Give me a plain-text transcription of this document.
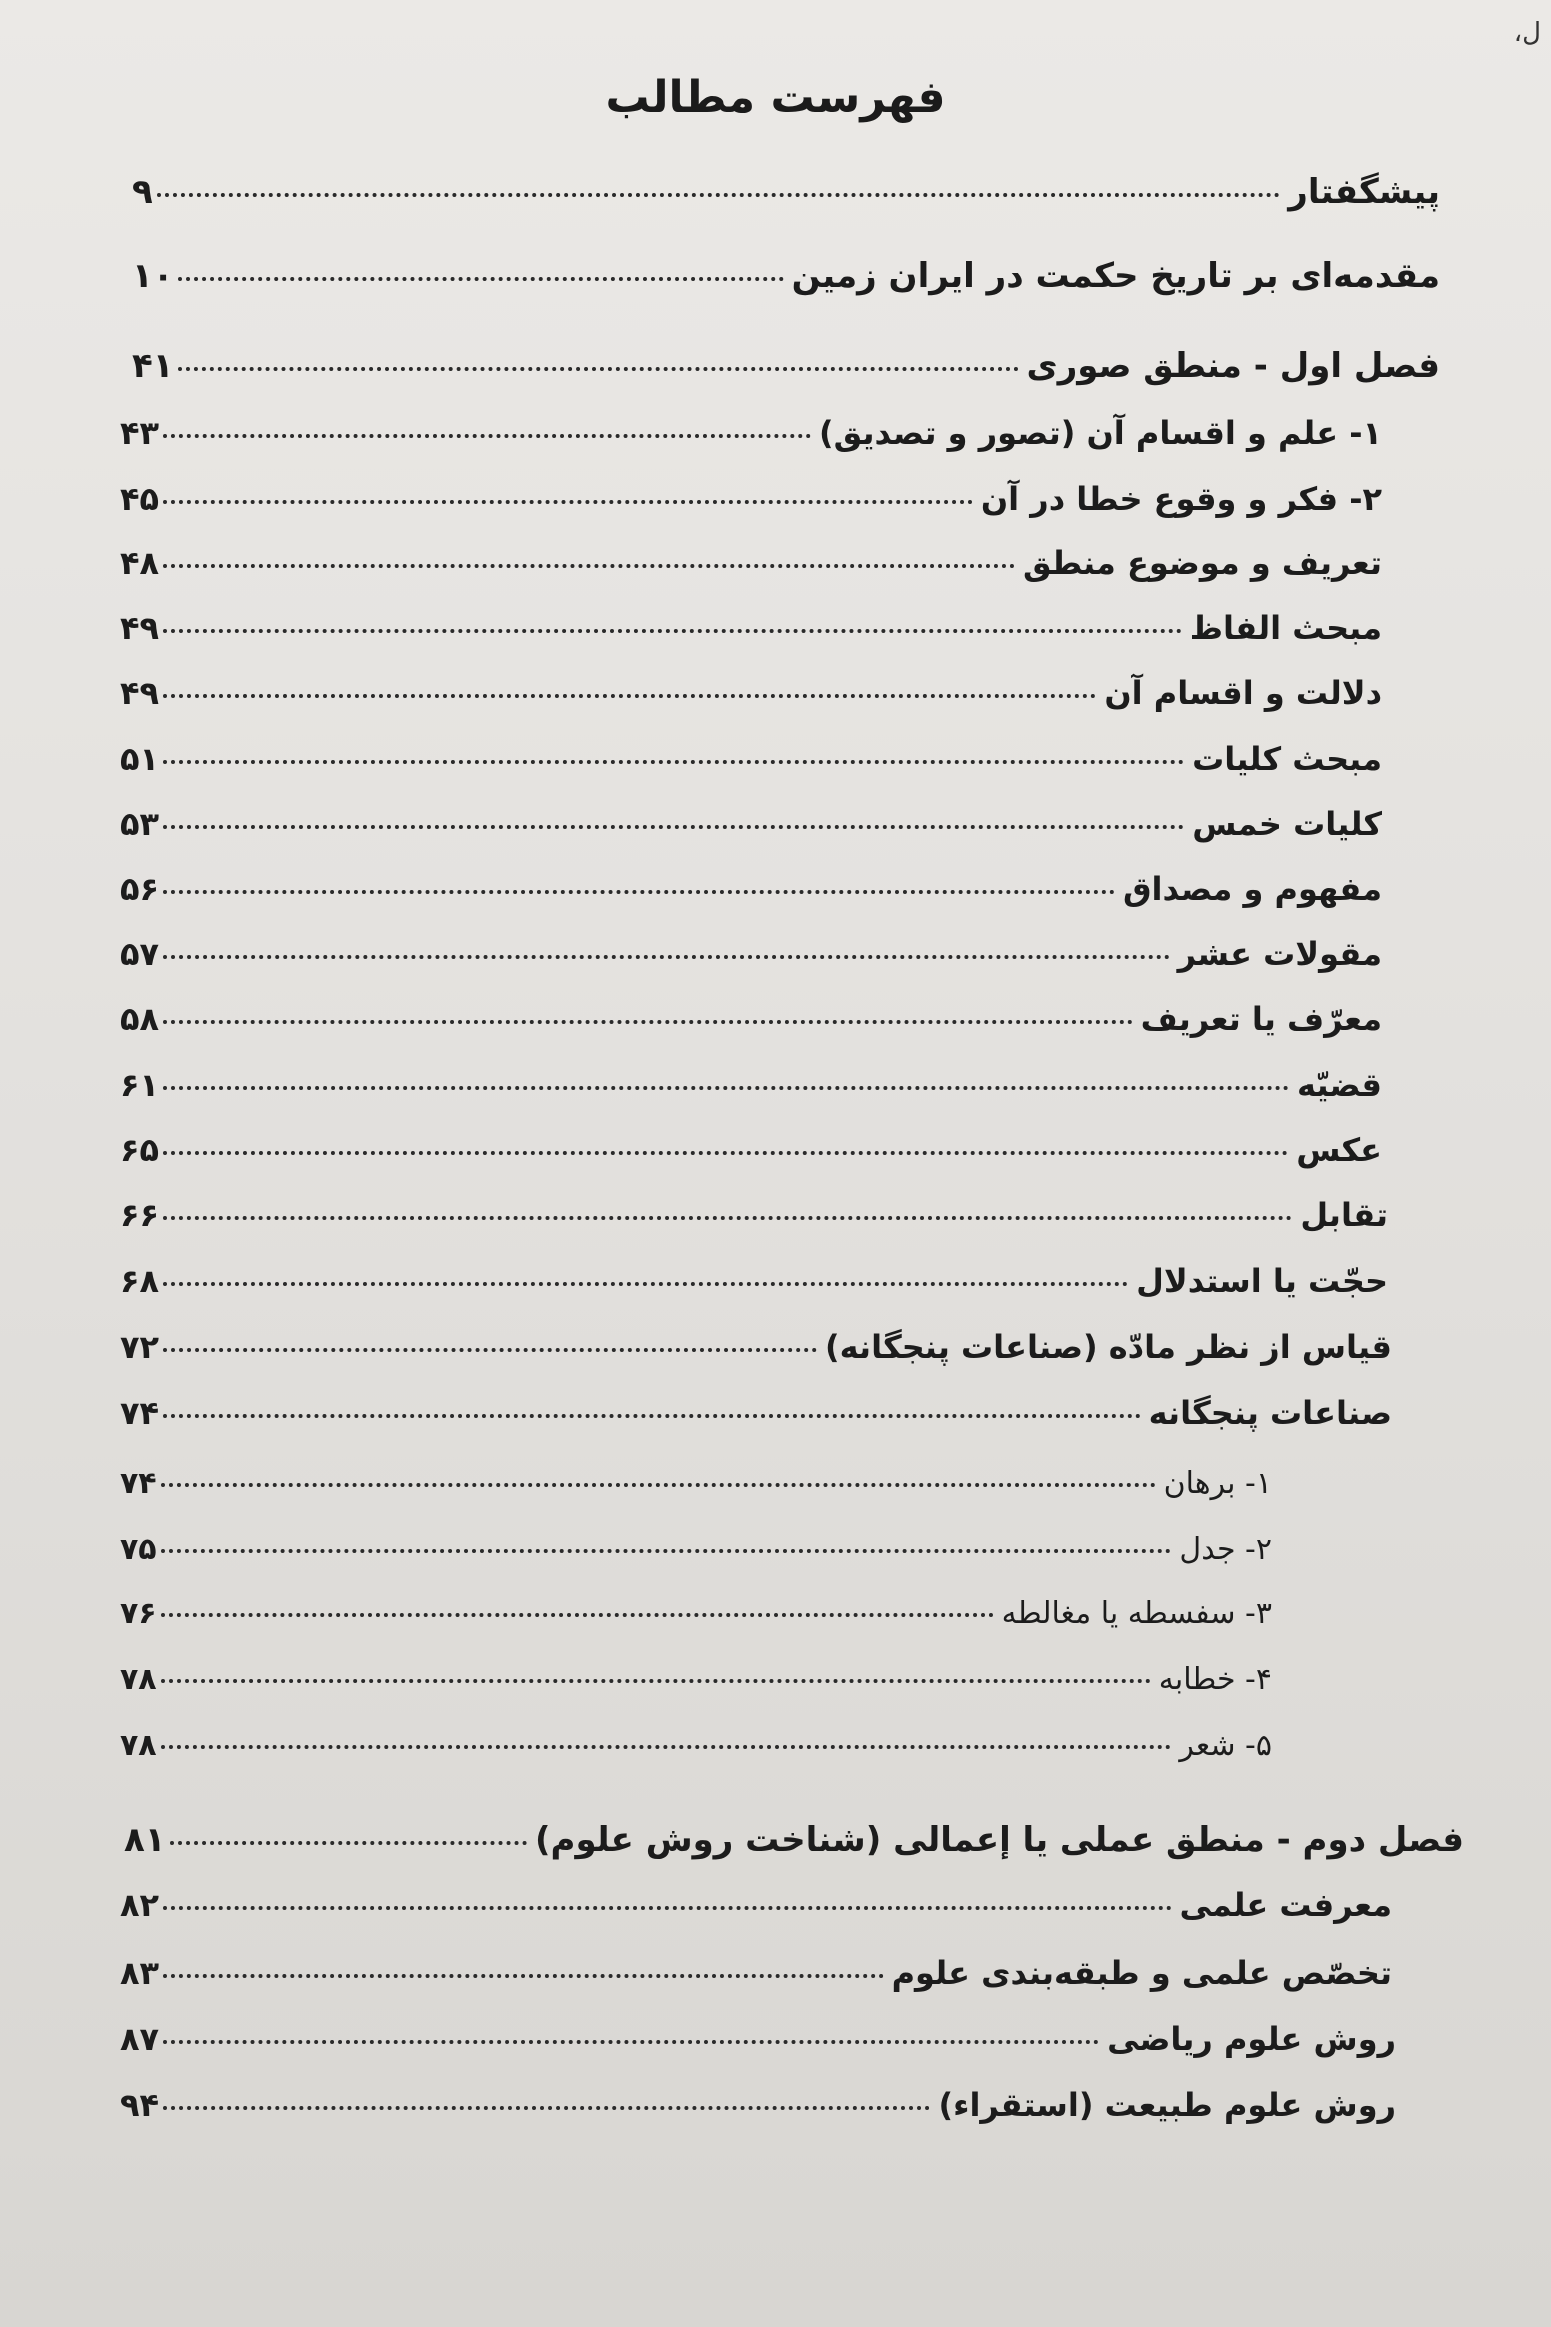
ل،
فهرست مطالب
پیشگفتار
۹
مقدمه‌ای بر تاریخ حکمت در ایران زمین
۱۰
فصل اول - منطق صوری
۴۱
۱- علم و اقسام آن (تصور و تصدیق)
۴۳
۲- فکر و وقوع خطا در آن
۴۵
تعریف و موضوع منطق
۴۸
مبحث الفاظ
۴۹
دلالت و اقسام آن
۴۹
مبحث کلیات
۵۱
کلیات خمس
۵۳
مفهوم و مصداق
۵۶
مقولات عشر
۵۷
معرّف یا تعریف
۵۸
قضیّه
۶۱
عکس
۶۵
تقابل
۶۶
حجّت یا استدلال
۶۸
قیاس از نظر مادّه (صناعات پنجگانه)
۷۲
صناعات پنجگانه
۷۴
۱- برهان
۷۴
۲- جدل
۷۵
۳- سفسطه یا مغالطه
۷۶
۴- خطابه
۷۸
۵- شعر
۷۸
فصل دوم - منطق عملی یا إعمالی (شناخت روش علوم)
۸۱
معرفت علمی
۸۲
تخصّص علمی و طبقه‌بندی علوم
۸۳
روش علوم ریاضی
۸۷
روش علوم طبیعت (استقراء)
۹۴
